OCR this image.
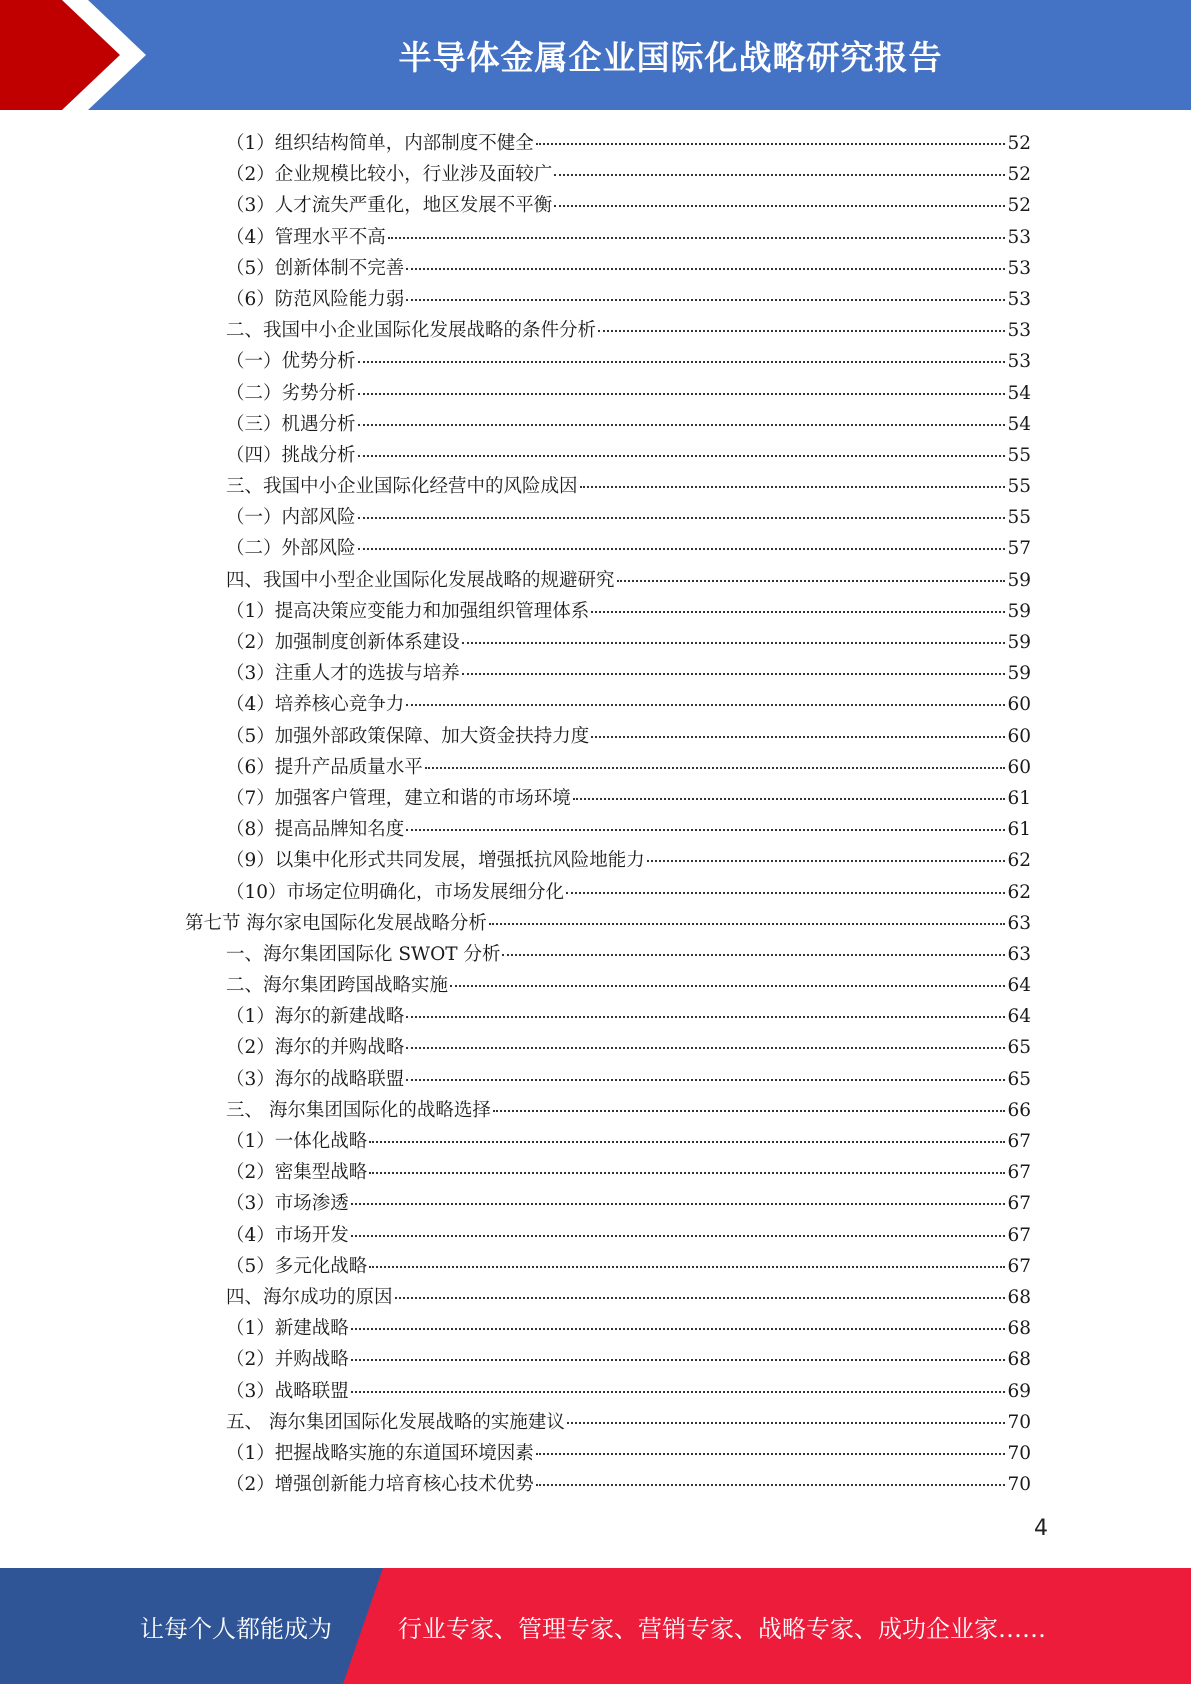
半导体金属企业国际化战略研究报告
（1）组织结构简单，内部制度不健全	52
（2）企业规模比较小，行业涉及面较广	52
（3）人才流失严重化，地区发展不平衡	52
（4）管理水平不高	53
（5）创新体制不完善	53
（6）防范风险能力弱	53
二、我国中小企业国际化发展战略的条件分析	53
（一）优势分析	53
（二）劣势分析	54
（三）机遇分析	54
（四）挑战分析	55
三、我国中小企业国际化经营中的风险成因	55
（一）内部风险	55
（二）外部风险	57
四、我国中小型企业国际化发展战略的规避研究	59
（1）提高决策应变能力和加强组织管理体系	59
（2）加强制度创新体系建设	59
（3）注重人才的选拔与培养	59
（4）培养核心竞争力	60
（5）加强外部政策保障、加大资金扶持力度	60
（6）提升产品质量水平	60
（7）加强客户管理，建立和谐的市场环境	61
（8）提高品牌知名度	61
（9）以集中化形式共同发展，增强抵抗风险地能力	62
（10）市场定位明确化，市场发展细分化	62
第七节 海尔家电国际化发展战略分析	63
一、海尔集团国际化 SWOT 分析	63
二、海尔集团跨国战略实施	64
（1）海尔的新建战略	64
（2）海尔的并购战略	65
（3）海尔的战略联盟	65
三、 海尔集团国际化的战略选择	66
（1）一体化战略	67
（2）密集型战略	67
（3）市场渗透	67
（4）市场开发	67
（5）多元化战略	67
四、海尔成功的原因	68
（1）新建战略	68
（2）并购战略	68
（3）战略联盟	69
五、 海尔集团国际化发展战略的实施建议	70
（1）把握战略实施的东道国环境因素	70
（2）增强创新能力培育核心技术优势	70
4
让每个人都能成为	行业专家、管理专家、营销专家、战略专家、成功企业家……
